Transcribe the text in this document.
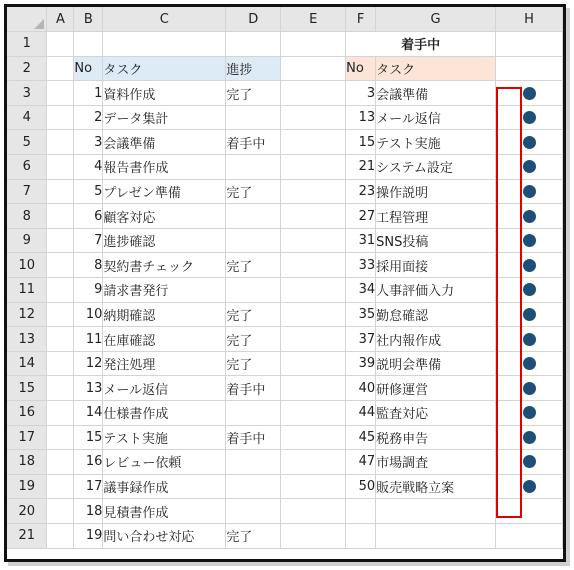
	A	B	C	D	E	F	G	H
1						着手中		
2		No	タスク	進捗		No	タスク	
3		1	資料作成	完了		3	会議準備	
4		2	データ集計			13	メール返信	
5		3	会議準備	着手中		15	テスト実施	
6		4	報告書作成			21	システム設定	
7		5	プレゼン準備	完了		23	操作説明	
8		6	顧客対応			27	工程管理	
9		7	進捗確認			31	SNS投稿	
10		8	契約書チェック	完了		33	採用面接	
11		9	請求書発行			34	人事評価入力	
12		10	納期確認	完了		35	勤怠確認	
13		11	在庫確認	完了		37	社内報作成	
14		12	発注処理	完了		39	説明会準備	
15		13	メール返信	着手中		40	研修運営	
16		14	仕様書作成			44	監査対応	
17		15	テスト実施	着手中		45	税務申告	
18		16	レビュー依頼			47	市場調査	
19		17	議事録作成			50	販売戦略立案	
20		18	見積書作成					
21		19	問い合わせ対応	完了				
